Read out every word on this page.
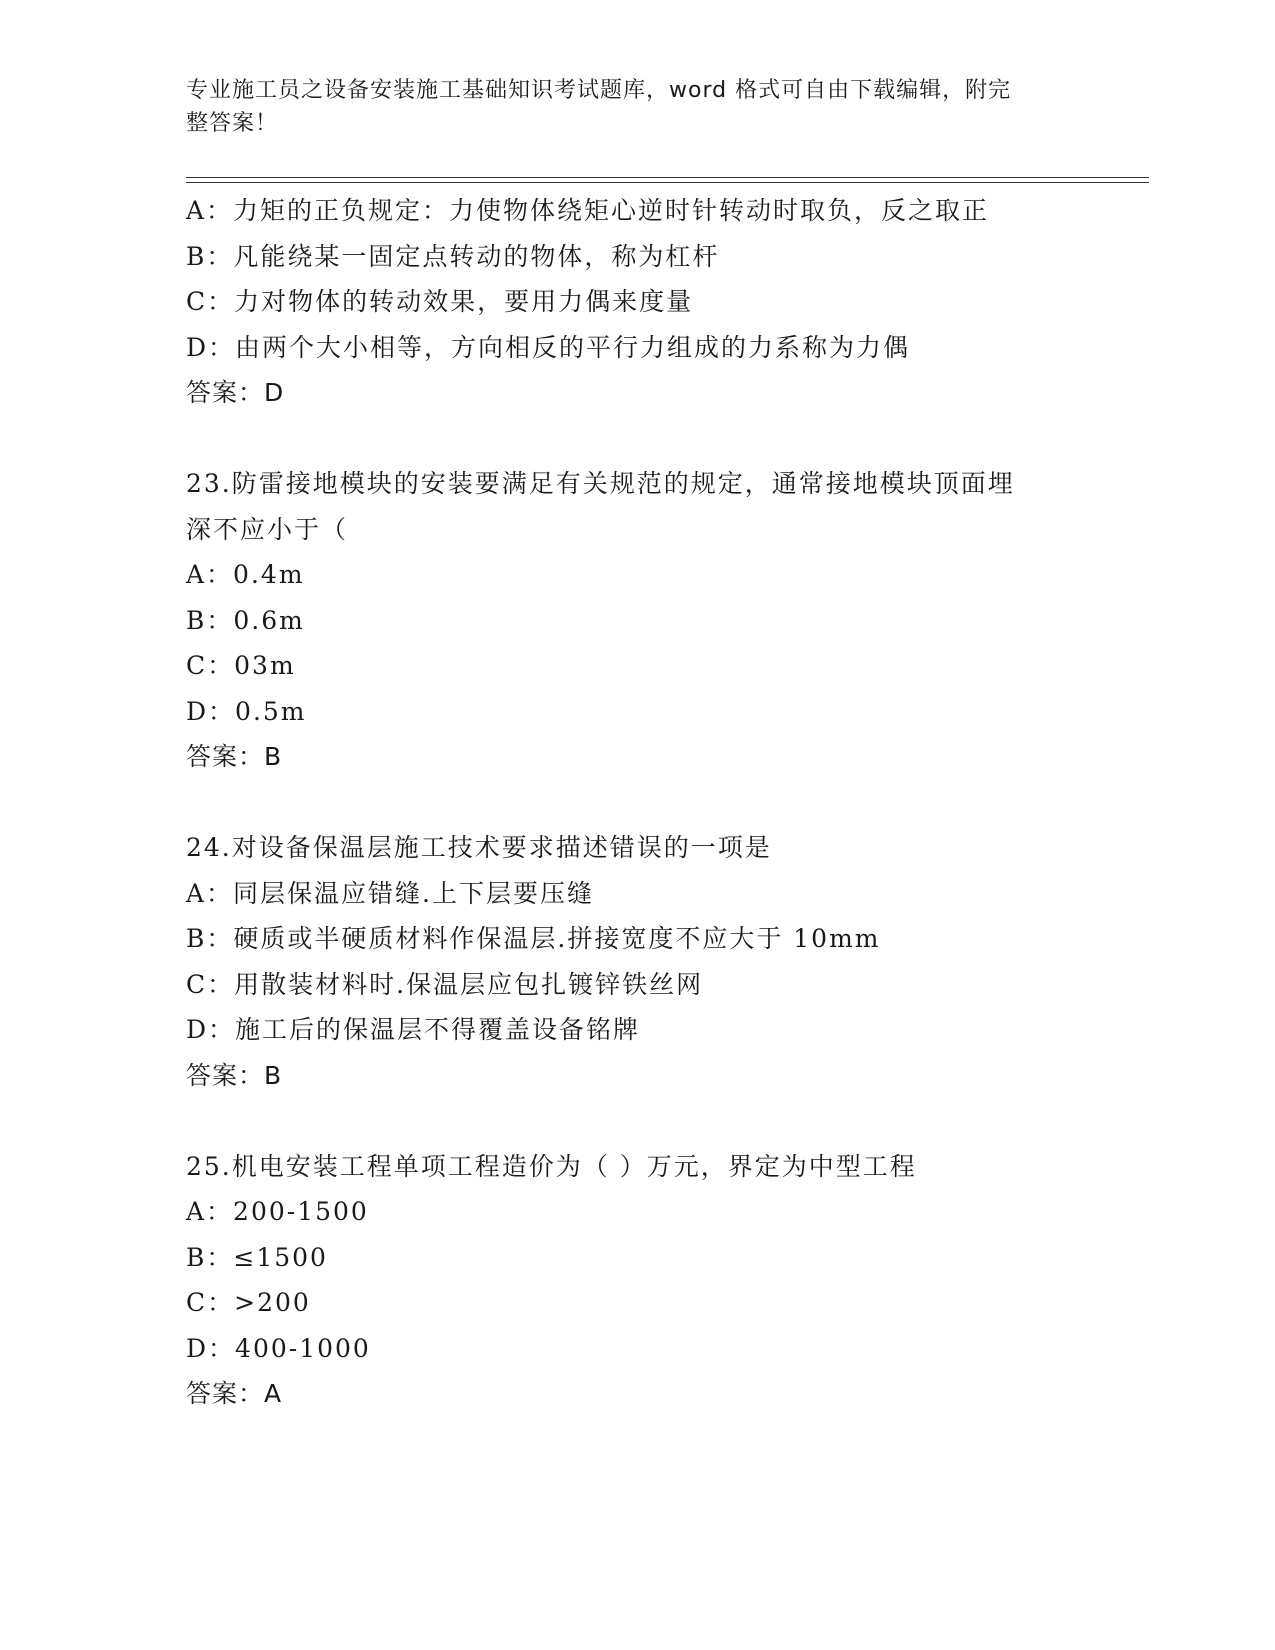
专业施工员之设备安装施工基础知识考试题库，word 格式可自由下载编辑，附完
整答案！
A：力矩的正负规定：力使物体绕矩心逆时针转动时取负，反之取正
B：凡能绕某一固定点转动的物体，称为杠杆
C：力对物体的转动效果，要用力偶来度量
D：由两个大小相等，方向相反的平行力组成的力系称为力偶
答案：D
23.防雷接地模块的安装要满足有关规范的规定，通常接地模块顶面埋
深不应小于（
A：0.4m
B：0.6m
C：03m
D：0.5m
答案：B
24.对设备保温层施工技术要求描述错误的一项是
A：同层保温应错缝.上下层要压缝
B：硬质或半硬质材料作保温层.拼接宽度不应大于 10mm
C：用散装材料时.保温层应包扎镀锌铁丝网
D：施工后的保温层不得覆盖设备铭牌
答案：B
25.机电安装工程单项工程造价为（ ）万元，界定为中型工程
A：200-1500
B：≤1500
C：>200
D：400-1000
答案：A
